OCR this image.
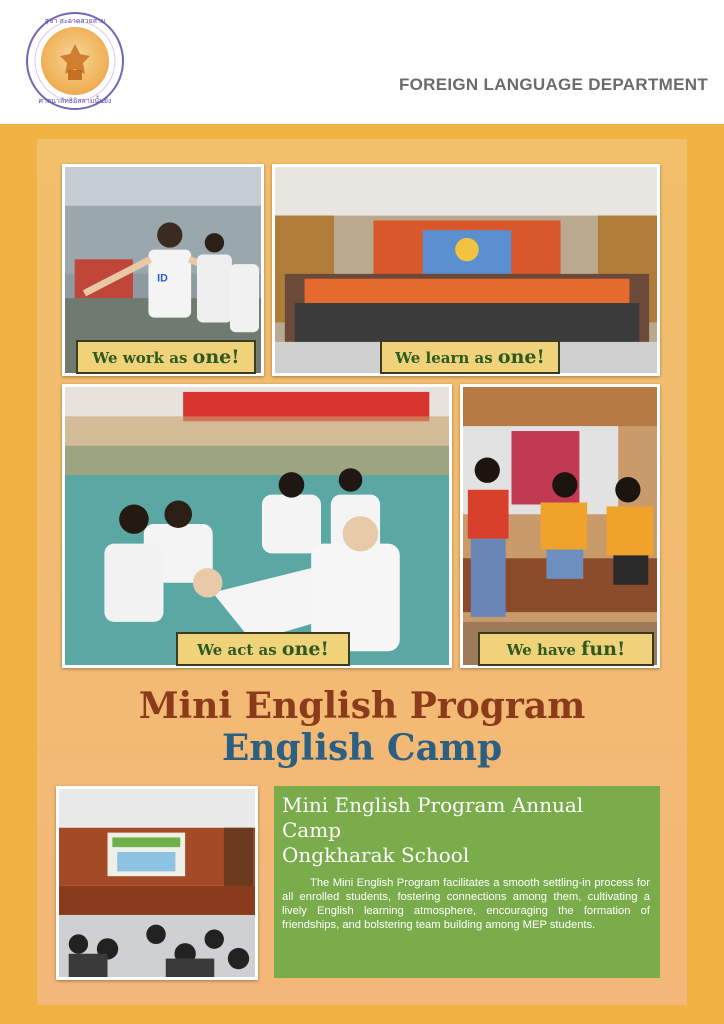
สุขา สะอาดสวยสาม
ศาสนาลัทธิอิสลามนั้นยิ่ง
FOREIGN LANGUAGE DEPARTMENT
ID
We work as one!	We learn as one!
We act as one!	We have fun!
Mini English Program
English Camp
Mini English Program Annual
Camp
Ongkharak School
The Mini English Program facilitates a smooth settling-in process for all enrolled students, fostering connections among them, cultivating a lively English learning atmosphere, encouraging the formation of friendships, and bolstering team building among MEP students.
